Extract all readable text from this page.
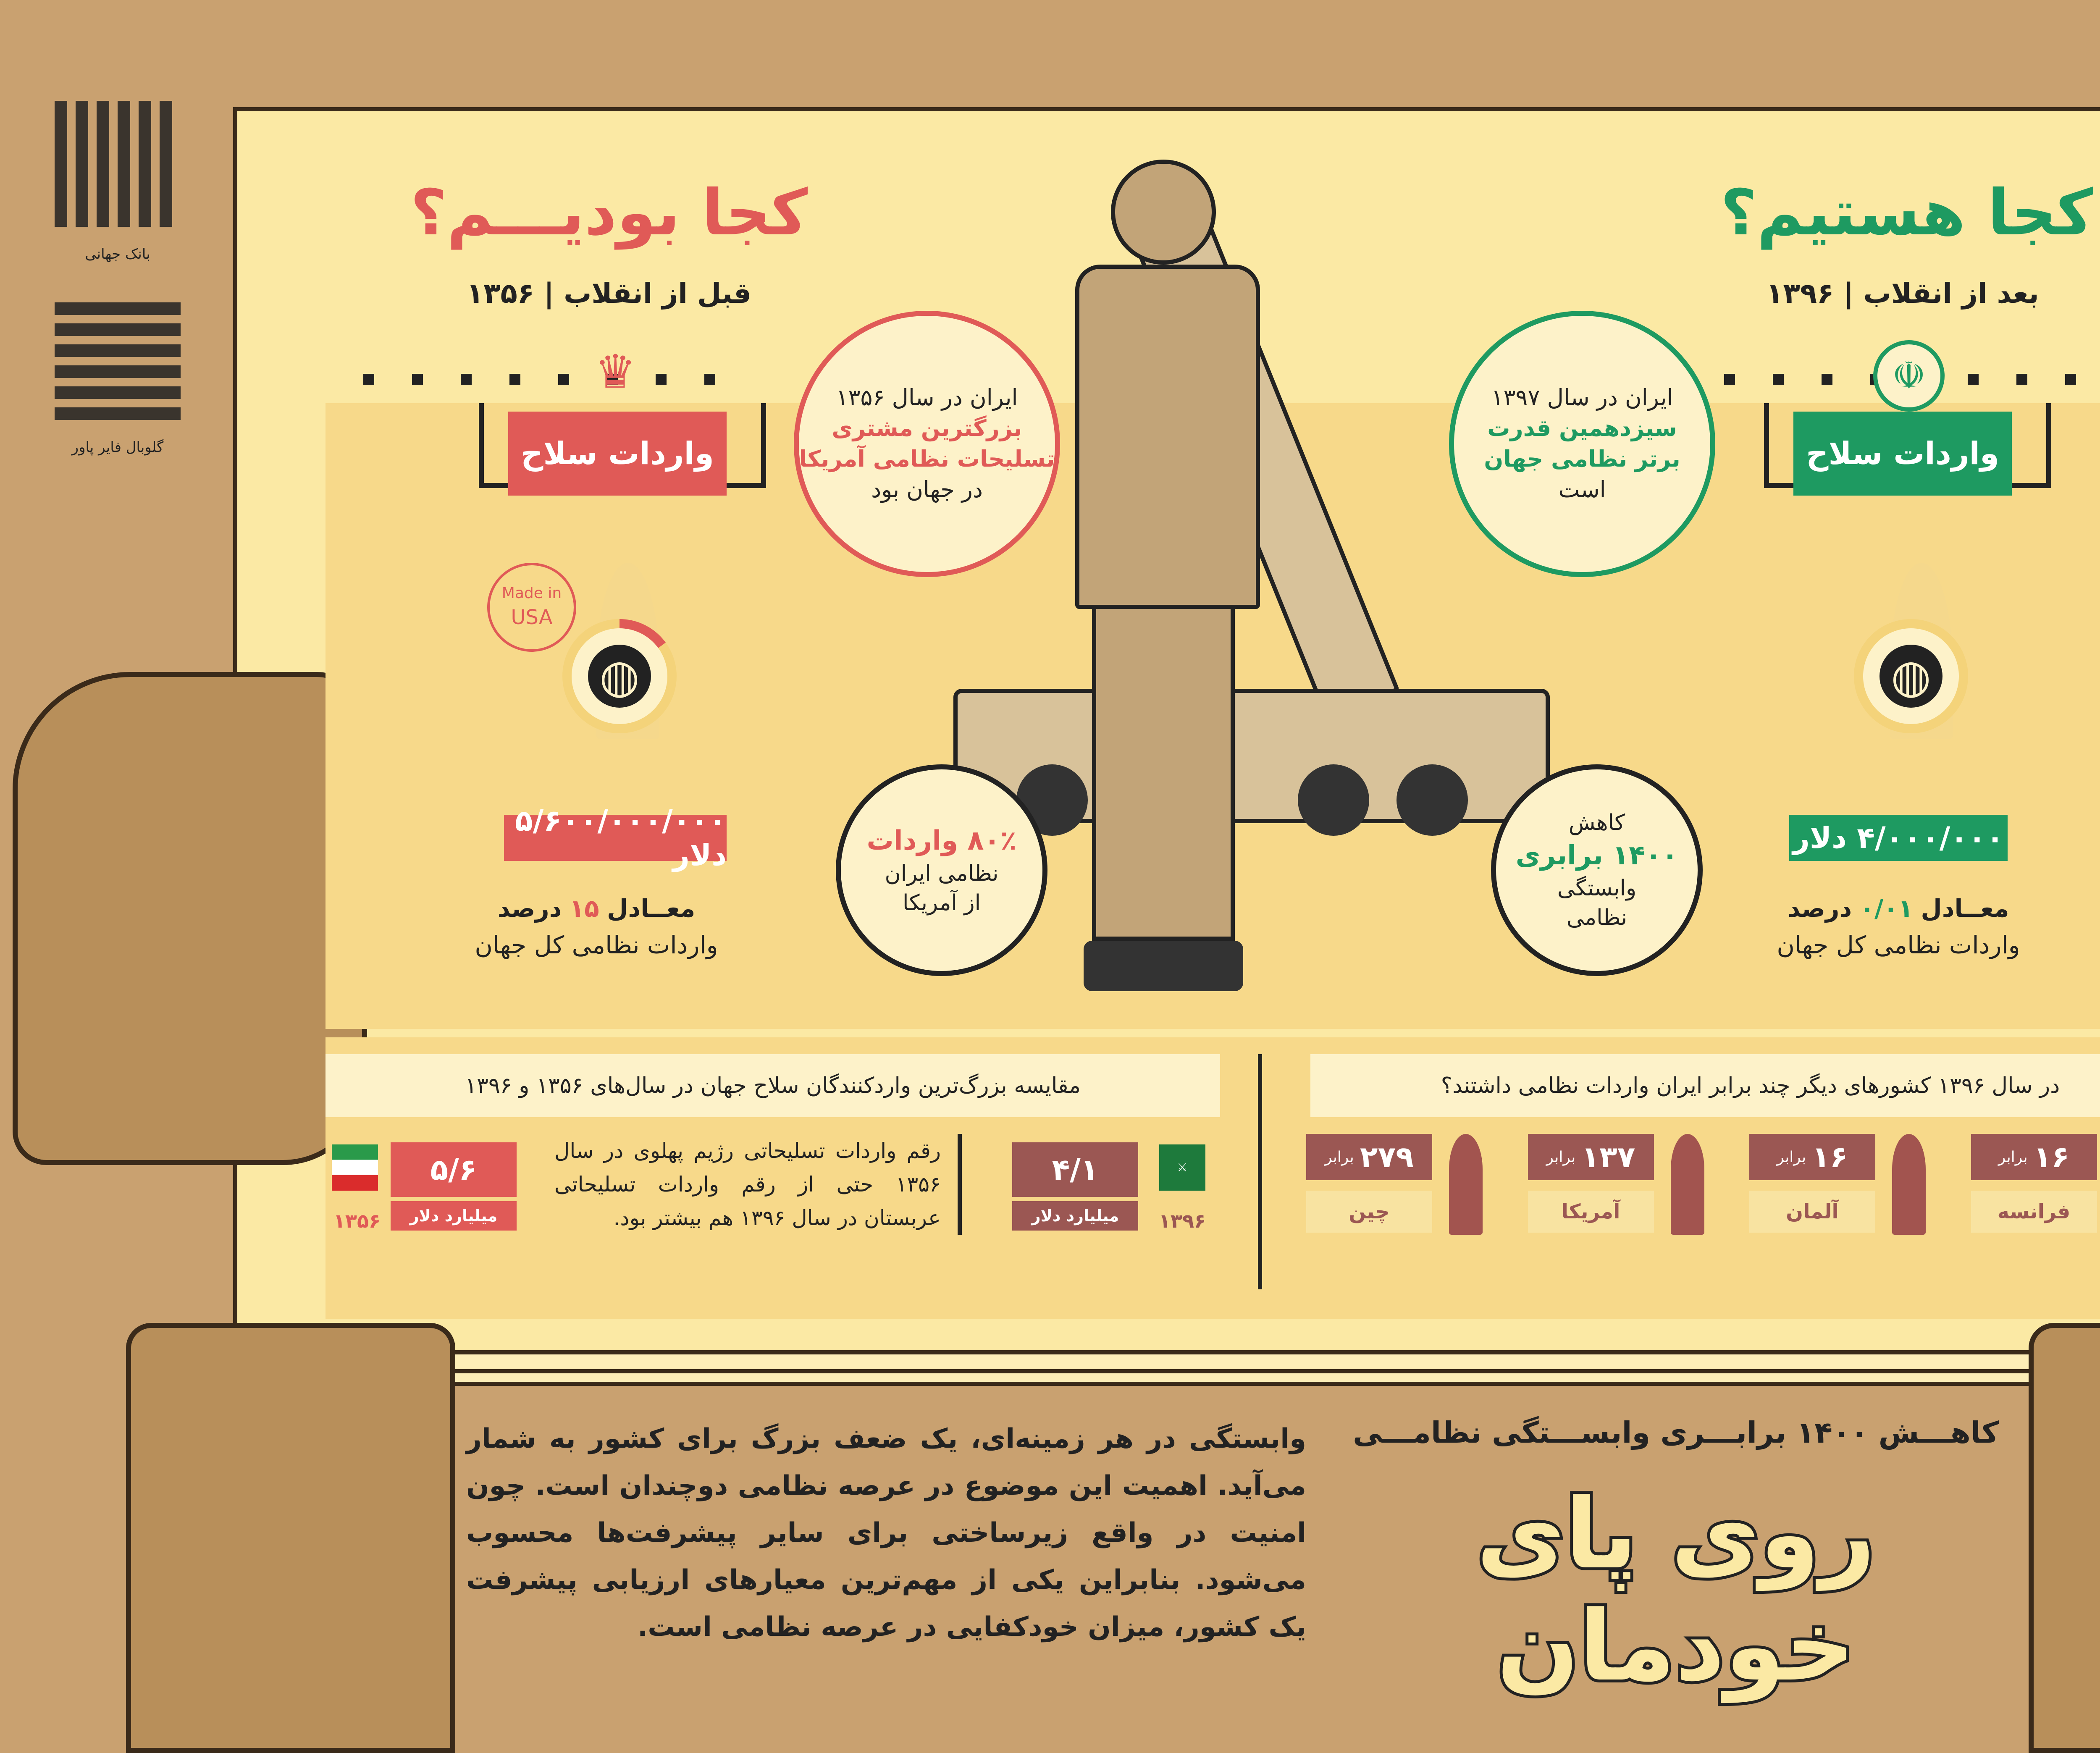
بانک جهانی
گلوبال فایر پاور
کجا بودیـــم؟
قبل از انقلاب | ۱۳۵۶
♛
واردات سلاح
Made in
USA
◍
۵/۶۰۰/۰۰۰/۰۰۰ دلار
معــادل ۱۵ درصد
واردات نظامی کل جهان
کجا هستیم؟
بعد از انقلاب | ۱۳۹۶
☫
واردات سلاح
◍
۴/۰۰۰/۰۰۰ دلار
معــادل ۰/۰۱ درصد
واردات نظامی کل جهان

ایران در سال ۱۳۵۶
بزرگترین مشتری
تسلیحات نظامی آمریکا
در جهان بود
ایران در سال ۱۳۹۷
سیزدهمین قدرت
برتر نظامی جهان
است
۸۰٪ واردات
نظامی ایران
از آمریکا
کاهش
۱۴۰۰ برابری
وابستگی
نظامی
مقایسه بزرگ‌ترین واردکنندگان سلاح جهان در سال‌های ۱۳۵۶ و ۱۳۹۶
۱۳۵۶
۵/۶
میلیارد دلار
رقم واردات تسلیحاتی رژیم پهلوی در سال ۱۳۵۶ حتی از رقم واردات تسلیحاتی عربستان در سال ۱۳۹۶ هم بیشتر بود.
۴/۱
میلیارد دلار
⚔
۱۳۹۶
در سال ۱۳۹۶ کشورهای دیگر چند برابر ایران واردات نظامی داشتند؟
۲۷۹
برابر
چین
۱۳۷
برابر
آمریکا
۱۶
برابر
آلمان
۱۶
برابر
فرانسه
کاهـــش ۱۴۰۰ برابـــری وابســـتگی نظامـــی
روی پای خودمان
وابستگی در هر زمینه‌ای، یک ضعف بزرگ برای کشور به شمار می‌آید. اهمیت این موضوع در عرصه نظامی دوچندان است. چون امنیت در واقع زیرساختی برای سایر پیشرفت‌ها محسوب می‌شود. بنابراین یکی از مهم‌ترین معیارهای ارزیابی پیشرفت یک کشور، میزان خودکفایی در عرصه نظامی است.
